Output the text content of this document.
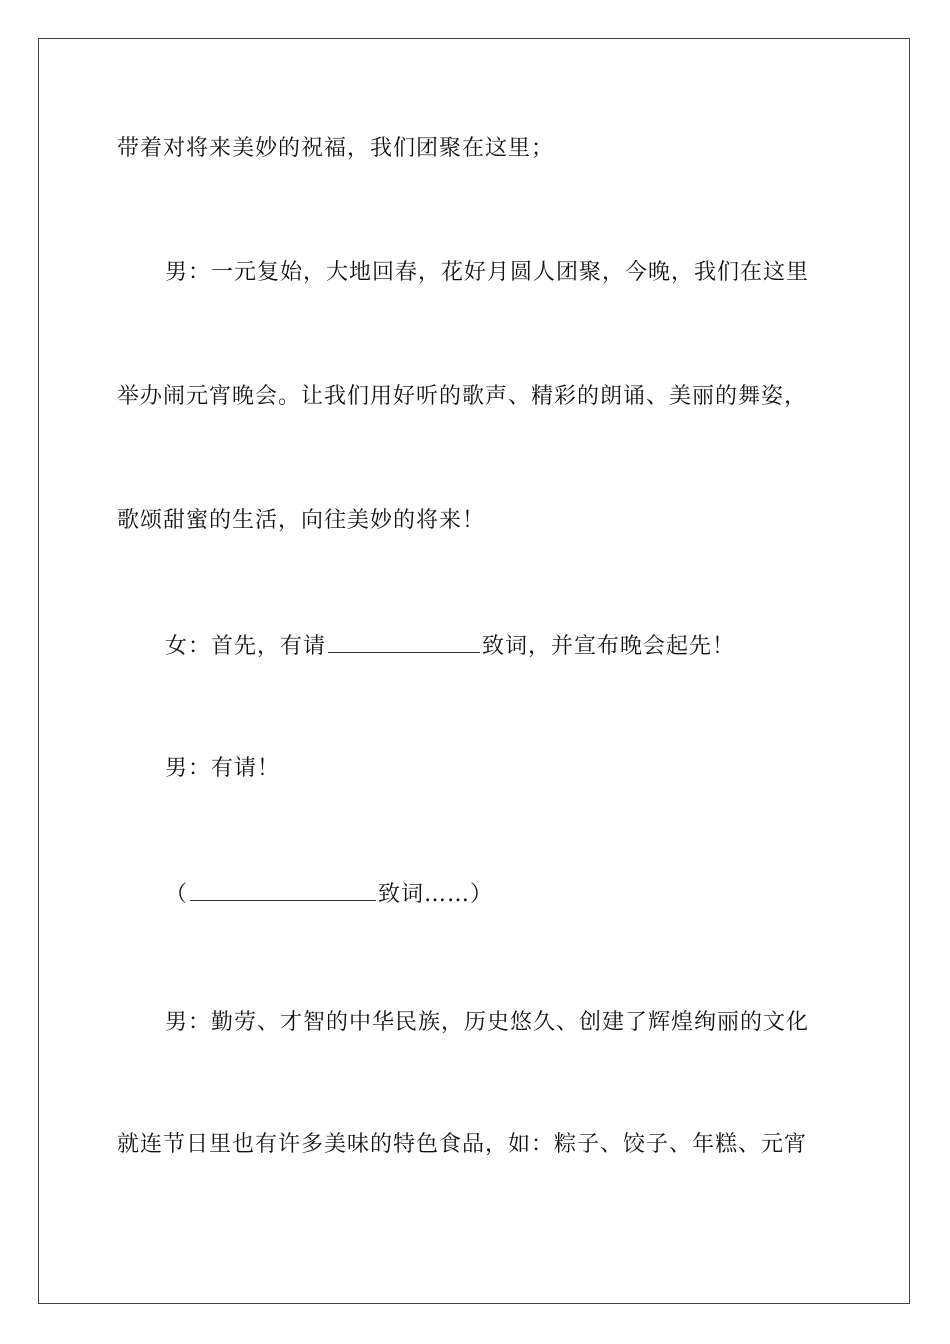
带着对将来美妙的祝福，我们团聚在这里；
男：一元复始，大地回春，花好月圆人团聚，今晚，我们在这里
举办闹元宵晚会。让我们用好听的歌声、精彩的朗诵、美丽的舞姿，
歌颂甜蜜的生活，向往美妙的将来！
女：首先，有请	致词，并宣布晚会起先！
男：有请！
（	致词……）
男：勤劳、才智的中华民族，历史悠久、创建了辉煌绚丽的文化
就连节日里也有许多美味的特色食品，如：粽子、饺子、年糕、元宵
